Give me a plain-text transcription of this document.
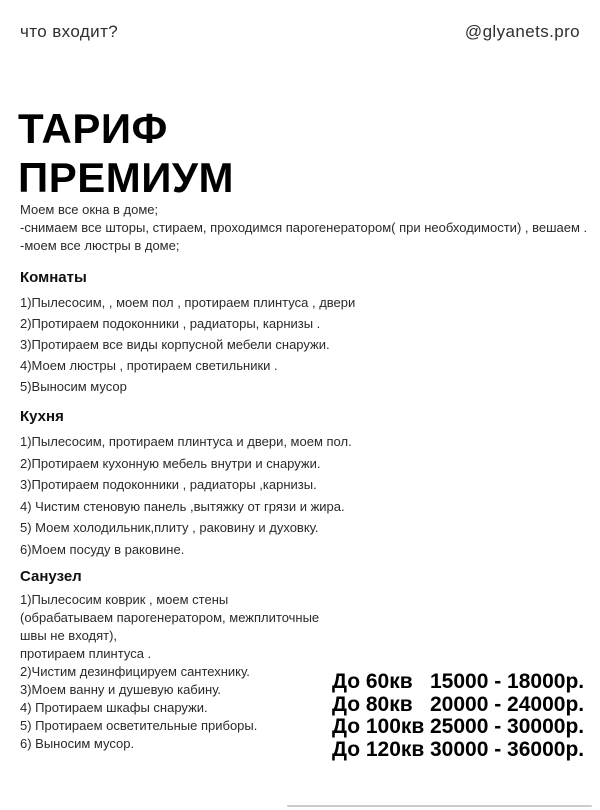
что входит?	@glyanets.pro
ТАРИФ
ПРЕМИУМ
Моем все окна в доме;
-снимаем все шторы, стираем, проходимся парогенератором( при необходимости) , вешаем .
-моем все люстры в доме;
Комнаты
1)Пылесосим, , моем пол , протираем плинтуса , двери
2)Протираем подоконники , радиаторы, карнизы .
3)Протираем все виды корпусной мебели снаружи.
4)Моем люстры , протираем светильники .
5)Выносим мусор
Кухня
1)Пылесосим, протираем плинтуса и двери, моем пол.
2)Протираем кухонную мебель внутри и снаружи.
3)Протираем подоконники , радиаторы ,карнизы.
4) Чистим стеновую панель ,вытяжку от грязи и жира.
5) Моем холодильник,плиту , раковину и духовку.
6)Моем посуду в раковине.
Санузел
1)Пылесосим коврик , моем стены
(обрабатываем парогенератором, межплиточные швы не входят),
протираем плинтуса .
2)Чистим дезинфицируем сантехнику.
3)Моем ванну и душевую кабину.
4) Протираем шкафы снаружи.
5) Протираем осветительные приборы.
6) Выносим мусор.
До 60кв 15000 - 18000р.
До 80кв 20000 - 24000р.
До 100кв 25000 - 30000р.
До 120кв 30000 - 36000р.
